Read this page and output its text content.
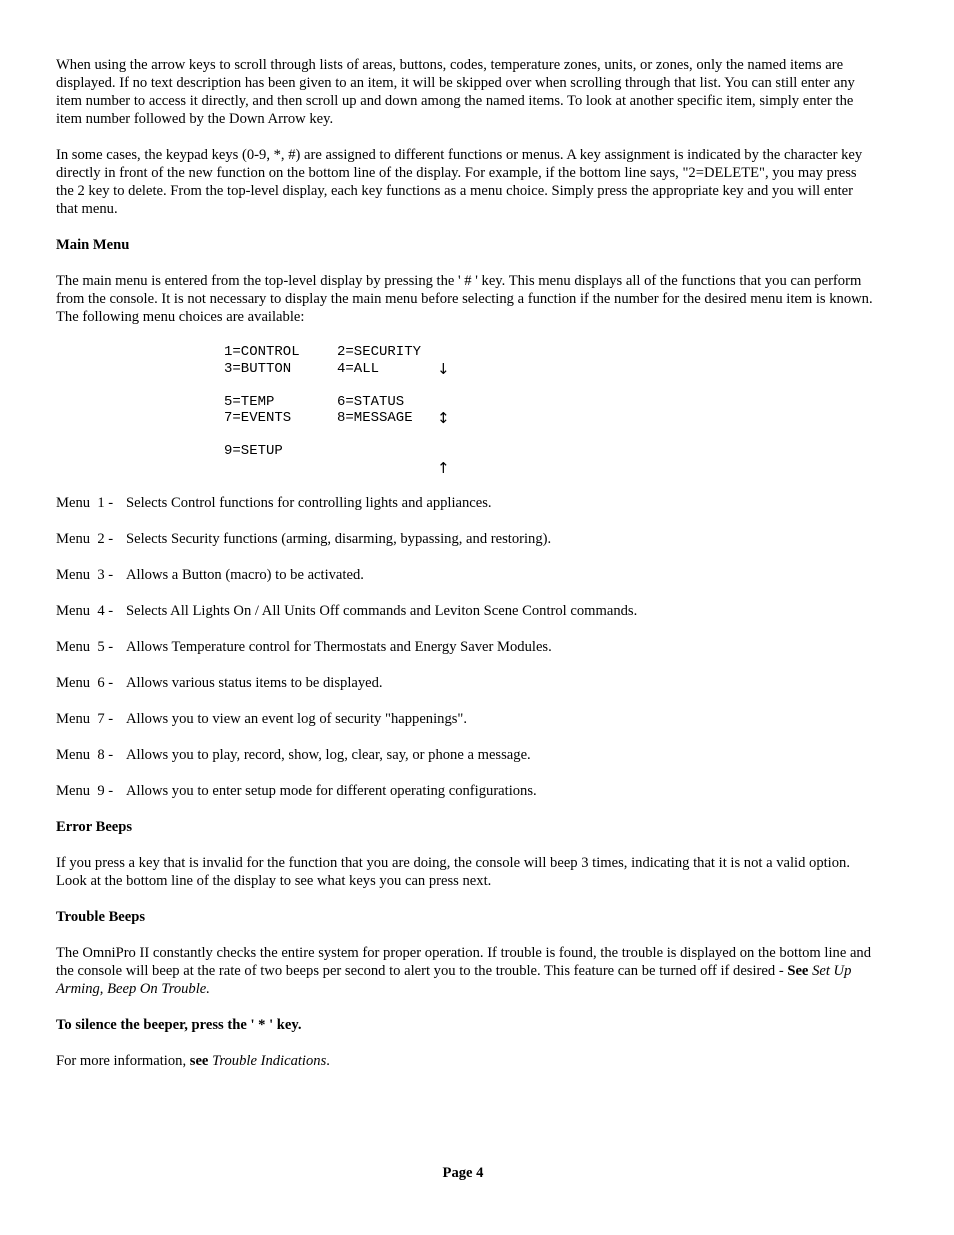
When using the arrow keys to scroll through lists of areas, buttons, codes, temperature zones, units, or zones, only the named items are displayed. If no text description has been given to an item, it will be skipped over when scrolling through that list. You can still enter any item number to access it directly, and then scroll up and down among the named items. To look at another specific item, simply enter the item number followed by the Down Arrow key.

In some cases, the keypad keys (0-9, *, #) are assigned to different functions or menus. A key assignment is indicated by the character key directly in front of the new function on the bottom line of the display. For example, if the bottom line says, "2=DELETE", you may press the 2 key to delete. From the top-level display, each key functions as a menu choice. Simply press the appropriate key and you will enter that menu.

Main Menu

The main menu is entered from the top-level display by pressing the ' # ' key. This menu displays all of the functions that you can perform from the console. It is not necessary to display the main menu before selecting a function if the number for the desired menu item is known. The following menu choices are available:

1=CONTROL	2=SECURITY
3=BUTTON	4=ALL	↓
5=TEMP	6=STATUS
7=EVENTS	8=MESSAGE	↕
9=SETUP
↑
Menu  1 - Selects Control functions for controlling lights and appliances.
Menu  2 - Selects Security functions (arming, disarming, bypassing, and restoring).
Menu  3 - Allows a Button (macro) to be activated.
Menu  4 - Selects All Lights On / All Units Off commands and Leviton Scene Control commands.
Menu  5 - Allows Temperature control for Thermostats and Energy Saver Modules.
Menu  6 - Allows various status items to be displayed.
Menu  7 - Allows you to view an event log of security "happenings".
Menu  8 - Allows you to play, record, show, log, clear, say, or phone a message.
Menu  9 - Allows you to enter setup mode for different operating configurations.
Error Beeps

If you press a key that is invalid for the function that you are doing, the console will beep 3 times, indicating that it is not a valid option. Look at the bottom line of the display to see what keys you can press next.

Trouble Beeps

The OmniPro II constantly checks the entire system for proper operation. If trouble is found, the trouble is displayed on the bottom line and the console will beep at the rate of two beeps per second to alert you to the trouble. This feature can be turned off if desired - See Set Up Arming, Beep On Trouble.

To silence the beeper, press the ' * ' key.

For more information, see Trouble Indications.

Page 4
